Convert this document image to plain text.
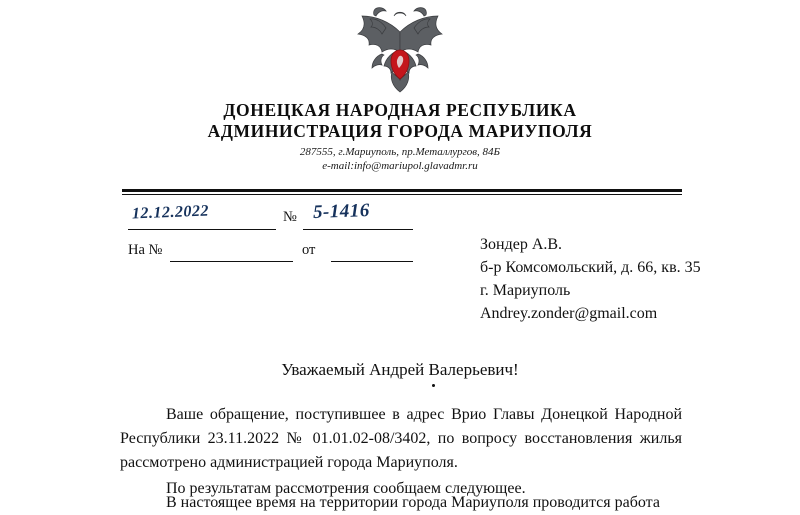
ДОНЕЦКАЯ НАРОДНАЯ РЕСПУБЛИКА
АДМИНИСТРАЦИЯ ГОРОДА МАРИУПОЛЯ
287555, г.Мариуполь, пр.Металлургов, 84Б
e-mail:info@mariupol.glavadmr.ru
12.12.2022	№ 5-1416
На №	от	Зондер А.В.
б-р Комсомольский, д. 66, кв. 35
г. Мариуполь
Andrey.zonder@gmail.com
Уважаемый Андрей Валерьевич!

Ваше обращение, поступившее в адрес Врио Главы Донецкой Народной Республики 23.11.2022 № 01.01.02-08/3402, по вопросу восстановления жилья рассмотрено администрацией города Мариуполя.

По результатам рассмотрения сообщаем следующее.

В настоящее время на территории города Мариуполя проводится работа
